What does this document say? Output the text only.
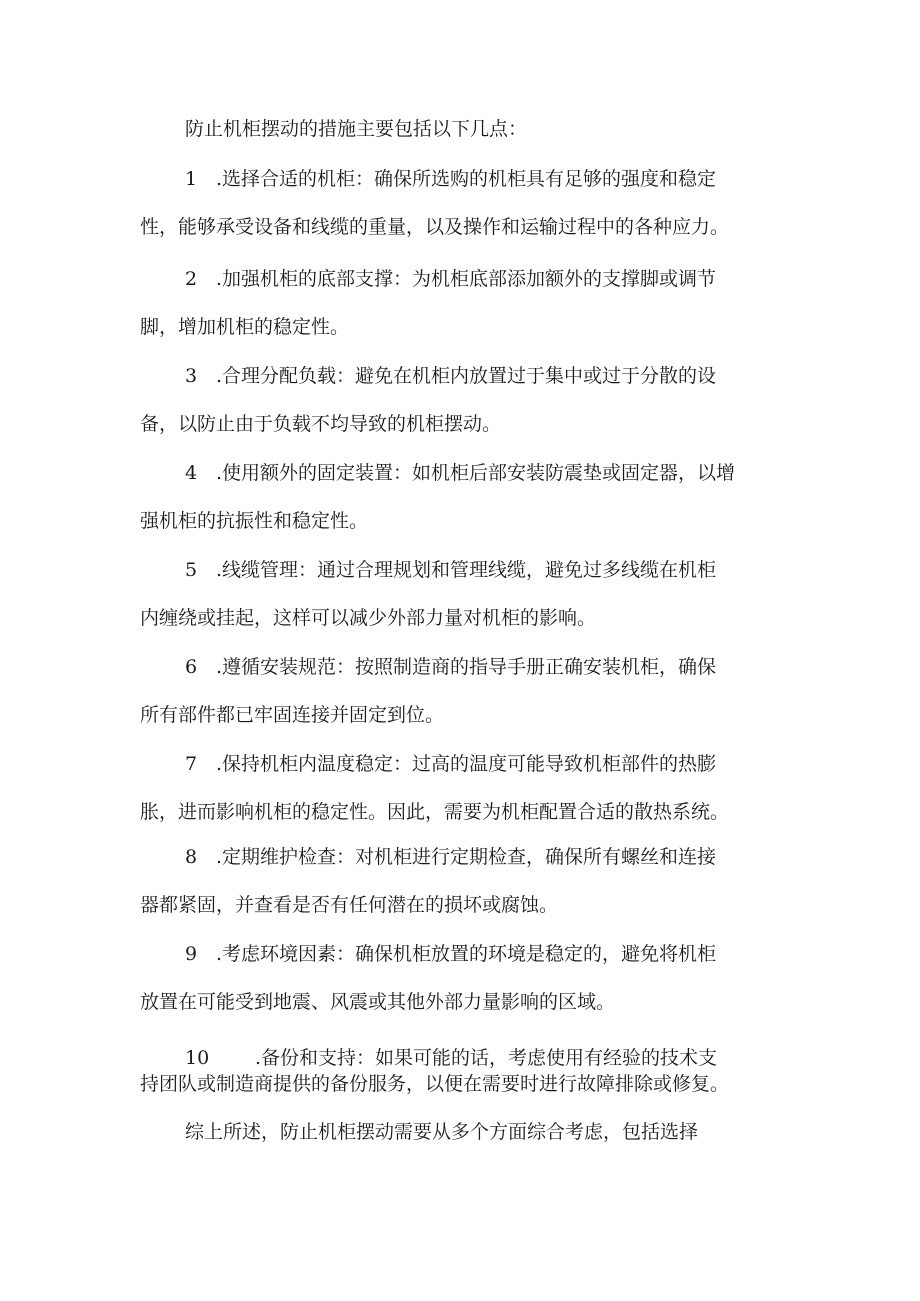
防止机柜摆动的措施主要包括以下几点：

1 .选择合适的机柜：确保所选购的机柜具有足够的强度和稳定
性，能够承受设备和线缆的重量，以及操作和运输过程中的各种应力。

2 .加强机柜的底部支撑：为机柜底部添加额外的支撑脚或调节
脚，增加机柜的稳定性。

3 .合理分配负载：避免在机柜内放置过于集中或过于分散的设
备，以防止由于负载不均导致的机柜摆动。

4 .使用额外的固定装置：如机柜后部安装防震垫或固定器，以增
强机柜的抗振性和稳定性。

5 .线缆管理：通过合理规划和管理线缆，避免过多线缆在机柜
内缠绕或挂起，这样可以减少外部力量对机柜的影响。

6 .遵循安装规范：按照制造商的指导手册正确安装机柜，确保
所有部件都已牢固连接并固定到位。

7 .保持机柜内温度稳定：过高的温度可能导致机柜部件的热膨
胀，进而影响机柜的稳定性。因此，需要为机柜配置合适的散热系统。

8 .定期维护检查：对机柜进行定期检查，确保所有螺丝和连接
器都紧固，并查看是否有任何潜在的损坏或腐蚀。

9 .考虑环境因素：确保机柜放置的环境是稳定的，避免将机柜
放置在可能受到地震、风震或其他外部力量影响的区域。

10 .备份和支持：如果可能的话，考虑使用有经验的技术支
持团队或制造商提供的备份服务，以便在需要时进行故障排除或修复。

综上所述，防止机柜摆动需要从多个方面综合考虑，包括选择
